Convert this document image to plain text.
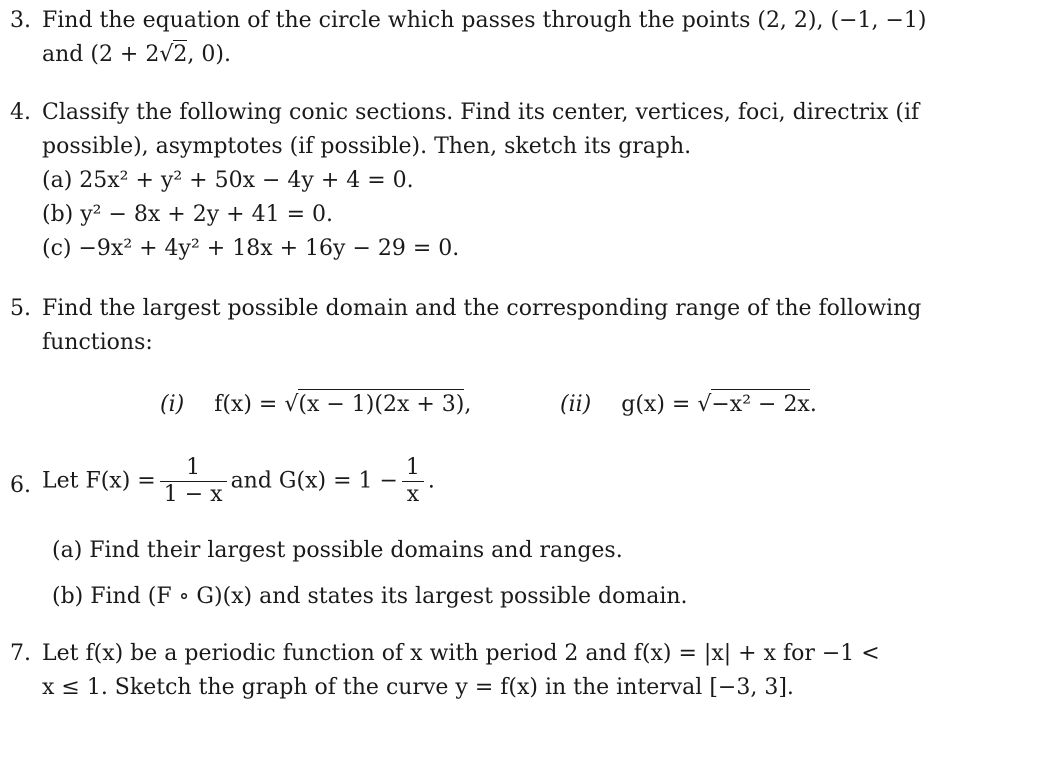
3. Find the equation of the circle which passes through the points (2, 2), (−1, −1)
and (2 + 2√2, 0).
4. Classify the following conic sections. Find its center, vertices, foci, directrix (if
possible), asymptotes (if possible). Then, sketch its graph.
(a) 25x² + y² + 50x − 4y + 4 = 0.
(b) y² − 8x + 2y + 41 = 0.
(c) −9x² + 4y² + 18x + 16y − 29 = 0.
5. Find the largest possible domain and the corresponding range of the following
functions:
(i) f(x) = √(x − 1)(2x + 3),	(ii) g(x) = √−x² − 2x.
6. Let $F(x) = \frac{1}{1 - x}$ and $G(x) = 1 - \frac{1}{x}$ .
(a) Find their largest possible domains and ranges.
(b) Find (F ∘ G)(x) and states its largest possible domain.
7. Let f(x) be a periodic function of x with period 2 and f(x) = |x| + x for −1 <
x ≤ 1. Sketch the graph of the curve y = f(x) in the interval [−3, 3].
